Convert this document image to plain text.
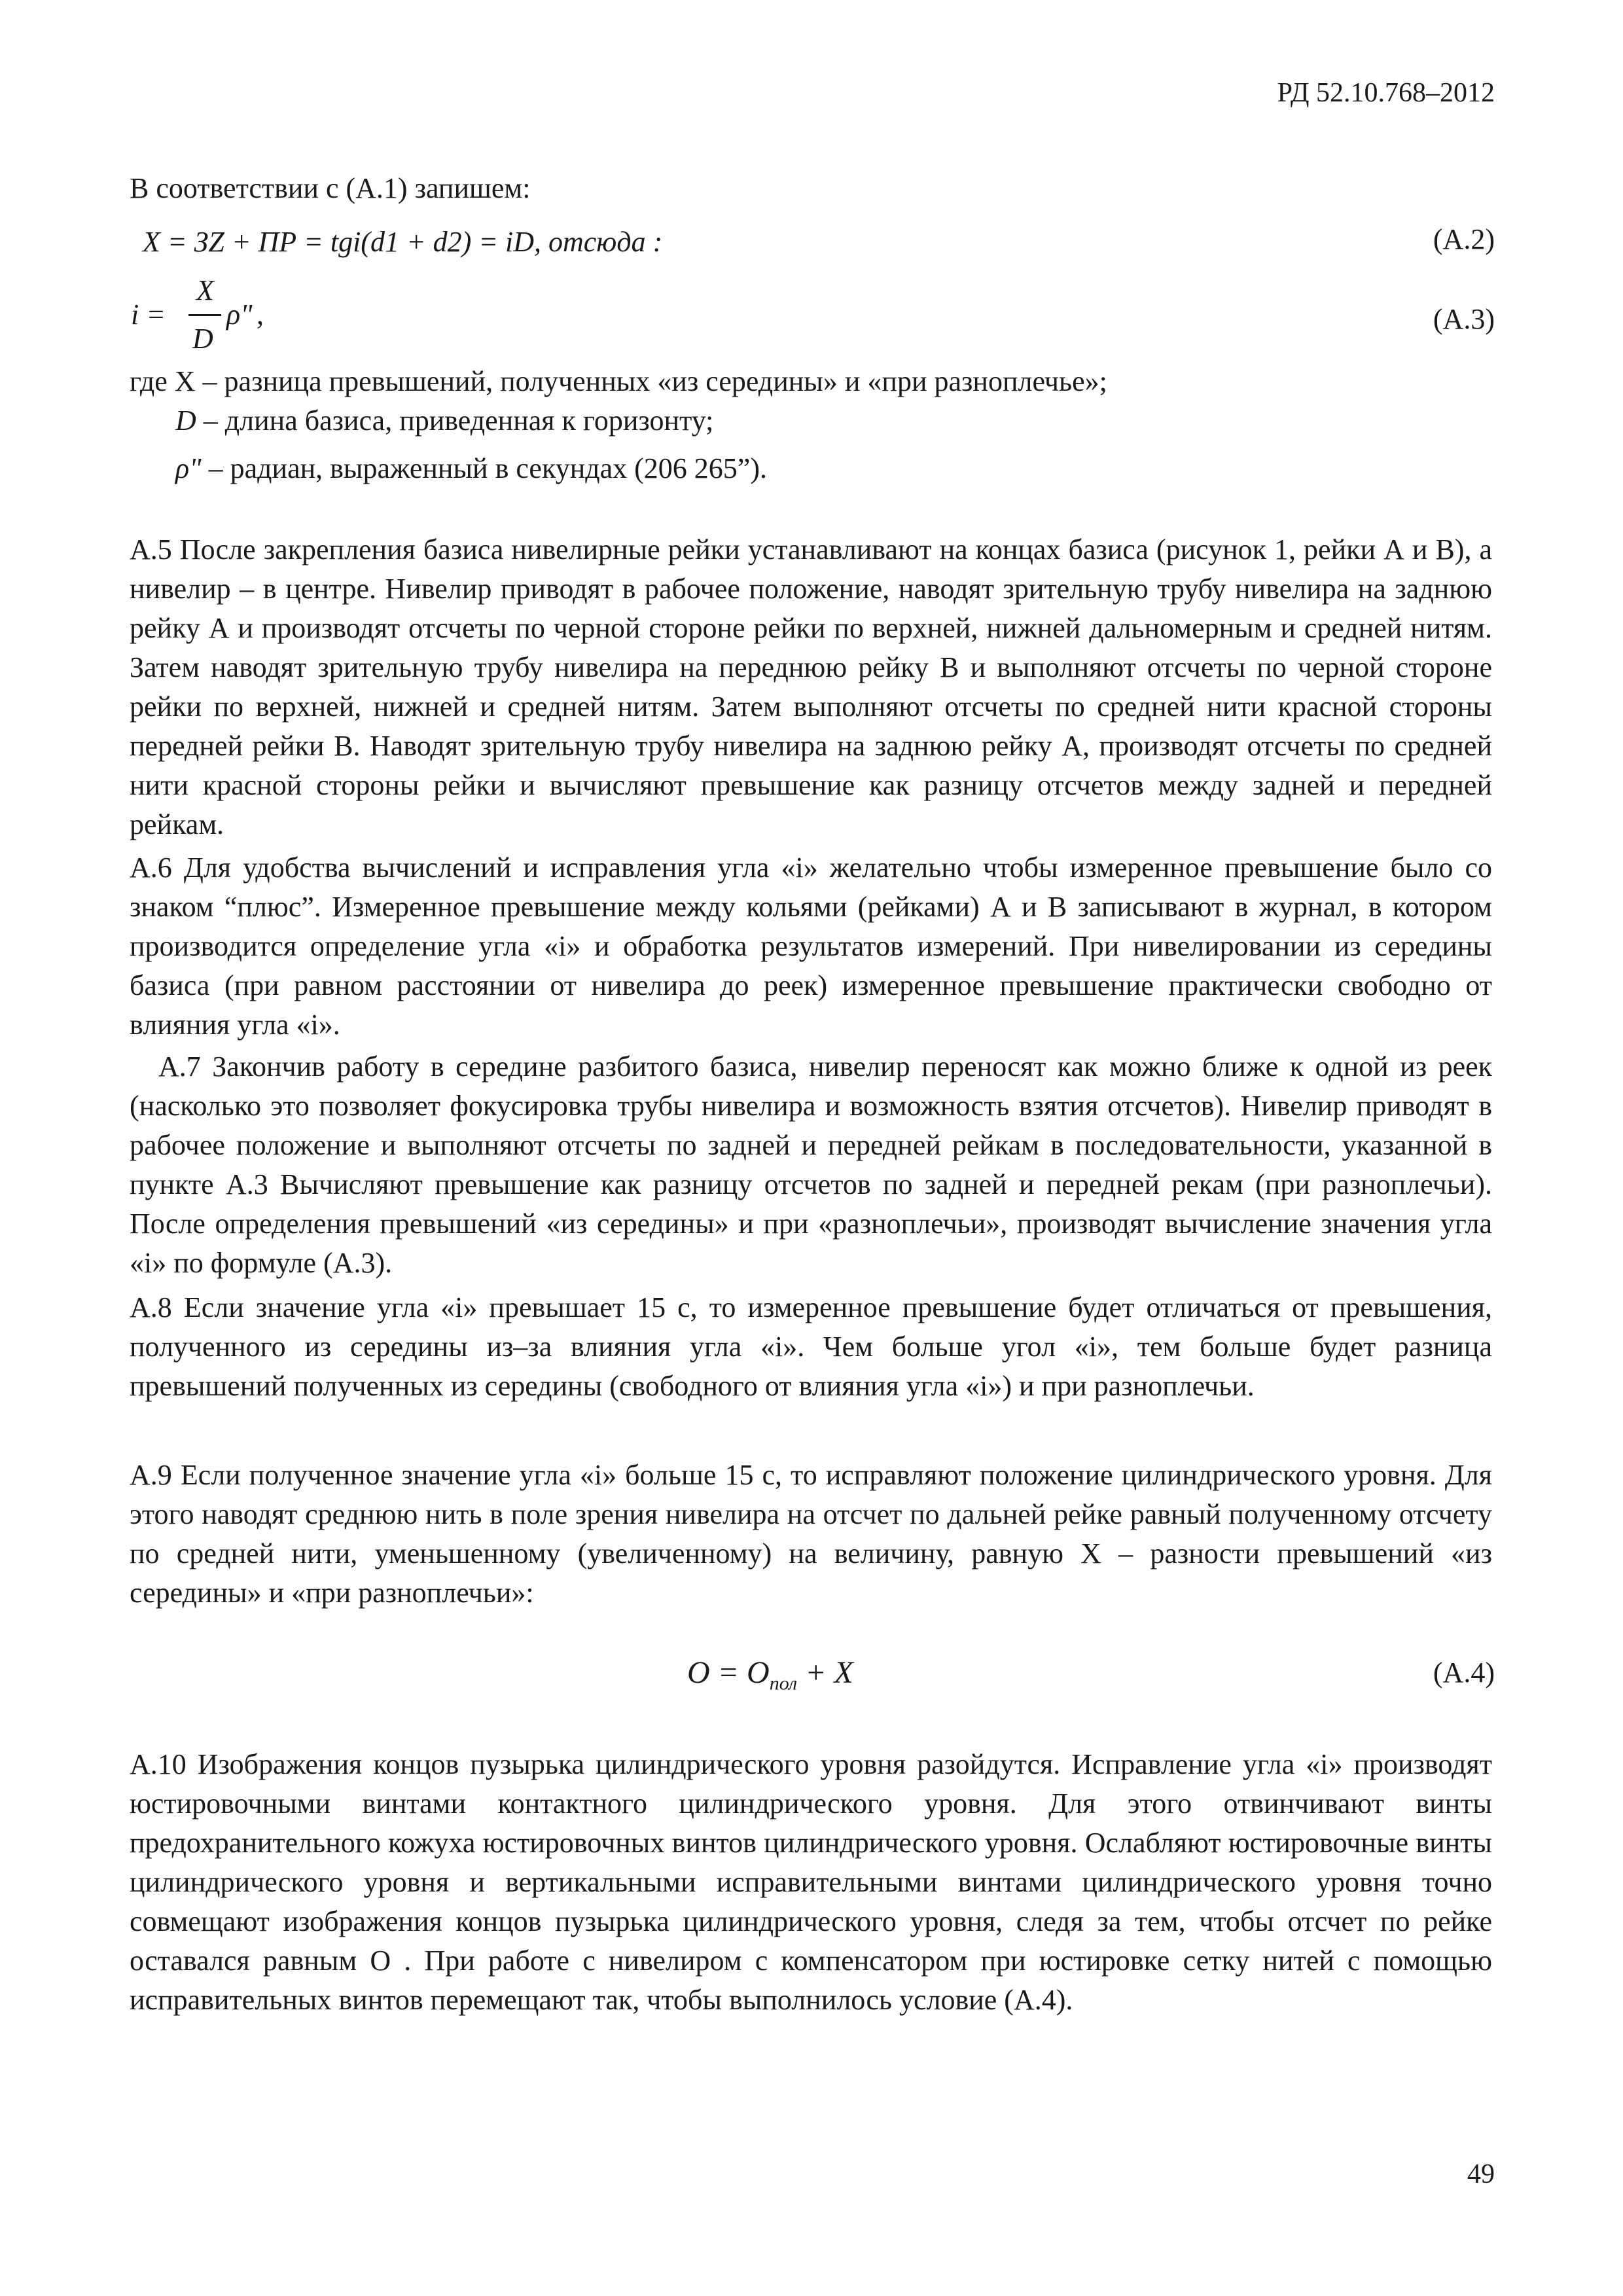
РД 52.10.768–2012
В соответствии с (А.1) запишем:
X = ЗZ + ПР = tgi(d1 + d2) = iD, отсюда :	(А.2)
i =
X
D
ρ" ,	(А.3)
где Х – разница превышений, полученных «из середины» и «при разноплечье»;
D – длина базиса, приведенная к горизонту;
ρ" – радиан, выраженный в секундах (206 265”).

А.5 После закрепления базиса нивелирные рейки устанавливают на концах базиса (рисунок 1, рейки А и В), а нивелир – в центре. Нивелир приводят в рабочее положение, наводят зрительную трубу нивелира на заднюю рейку А и производят отсчеты по черной стороне рейки по верхней, нижней дальномерным и средней нитям. Затем наводят зрительную трубу нивелира на переднюю рейку В и выполняют отсчеты по черной стороне рейки по верхней, нижней и средней нитям. Затем выполняют отсчеты по средней нити красной стороны передней рейки В. Наводят зрительную трубу нивелира на заднюю рейку А, производят отсчеты по средней нити красной стороны рейки и вычисляют превышение как разницу отсчетов между задней и передней рейкам.

А.6 Для удобства вычислений и исправления угла «i» желательно чтобы измеренное превышение было со знаком “плюс”. Измеренное превышение между кольями (рейками) А и В записывают в журнал, в котором производится определение угла «i» и обработка результатов измерений. При нивелировании из середины базиса (при равном расстоянии от нивелира до реек) измеренное превышение практически свободно от влияния угла «i».

А.7 Закончив работу в середине разбитого базиса, нивелир переносят как можно ближе к одной из реек (насколько это позволяет фокусировка трубы нивелира и возможность взятия отсчетов). Нивелир приводят в рабочее положение и выполняют отсчеты по задней и передней рейкам в последовательности, указанной в пункте А.3 Вычисляют превышение как разницу отсчетов по задней и передней рекам (при разноплечьи). После определения превышений «из середины» и при «разноплечьи», производят вычисление значения угла «i» по формуле (А.3).

А.8 Если значение угла «i» превышает 15 с, то измеренное превышение будет отличаться от превышения, полученного из середины из–за влияния угла «i». Чем больше угол «i», тем больше будет разница превышений полученных из середины (свободного от влияния угла «i») и при разноплечьи.

А.9 Если полученное значение угла «i» больше 15 с, то исправляют положение цилиндрического уровня. Для этого наводят среднюю нить в поле зрения нивелира на отсчет по дальней рейке равный полученному отсчету по средней нити, уменьшенному (увеличенному) на величину, равную Х – разности превышений «из середины» и «при разноплечьи»:

$O = O_{пол} + X$	(А.4)

А.10 Изображения концов пузырька цилиндрического уровня разойдутся. Исправление угла «i» производят юстировочными винтами контактного цилиндрического уровня. Для этого отвинчивают винты предохранительного кожуха юстировочных винтов цилиндрического уровня. Ослабляют юстировочные винты цилиндрического уровня и вертикальными исправительными винтами цилиндрического уровня точно совмещают изображения концов пузырька цилиндрического уровня, следя за тем, чтобы отсчет по рейке оставался равным О . При работе с нивелиром с компенсатором при юстировке сетку нитей с помощью исправительных винтов перемещают так, чтобы выполнилось условие (А.4).

49
